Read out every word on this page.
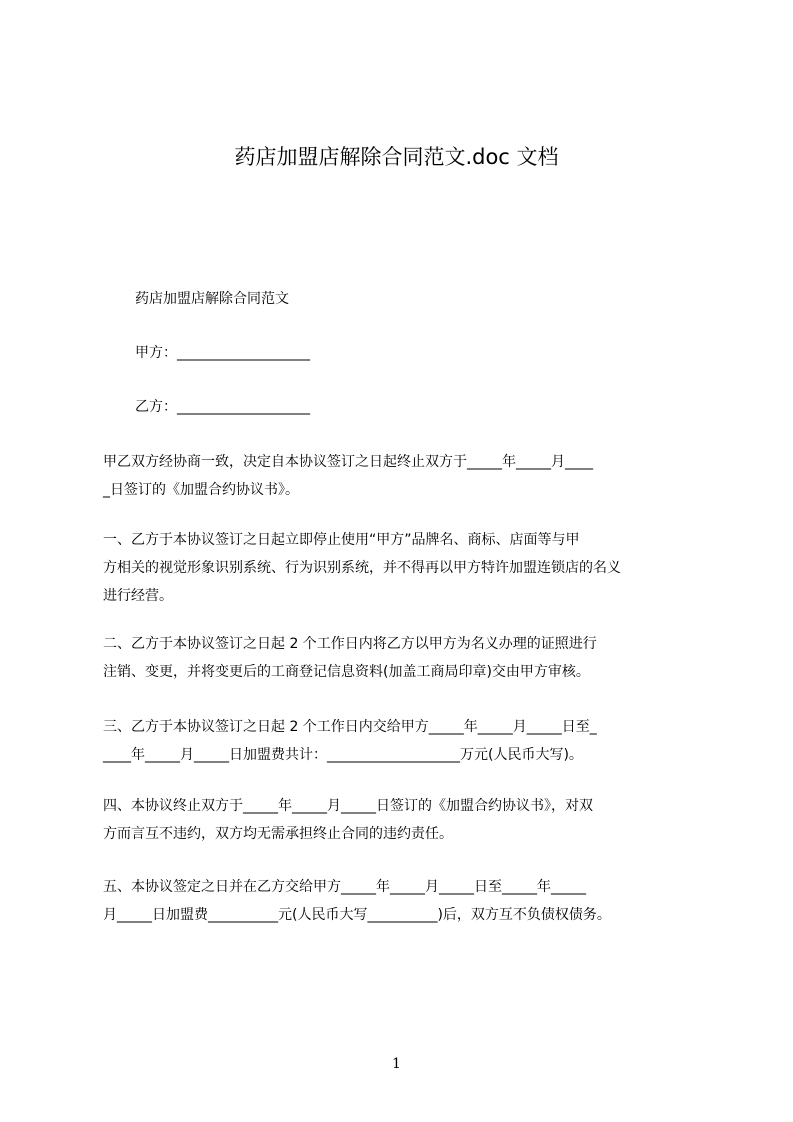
药店加盟店解除合同范文.doc 文档
药店加盟店解除合同范文
甲方：___________________
乙方：___________________
甲乙双方经协商一致，决定自本协议签订之日起终止双方于_____年_____月____
_日签订的《加盟合约协议书》。
一、乙方于本协议签订之日起立即停止使用“甲方”品牌名、商标、店面等与甲
方相关的视觉形象识别系统、行为识别系统，并不得再以甲方特许加盟连锁店的名义
进行经营。
二、乙方于本协议签订之日起 2 个工作日内将乙方以甲方为名义办理的证照进行
注销、变更，并将变更后的工商登记信息资料(加盖工商局印章)交由甲方审核。
三、乙方于本协议签订之日起 2 个工作日内交给甲方_____年_____月_____日至_
____年_____月_____日加盟费共计：___________________万元(人民币大写)。
四、本协议终止双方于_____年_____月_____日签订的《加盟合约协议书》，对双
方而言互不违约，双方均无需承担终止合同的违约责任。
五、本协议签定之日并在乙方交给甲方_____年_____月_____日至_____年_____
月_____日加盟费__________元(人民币大写__________)后，双方互不负债权债务。
1
